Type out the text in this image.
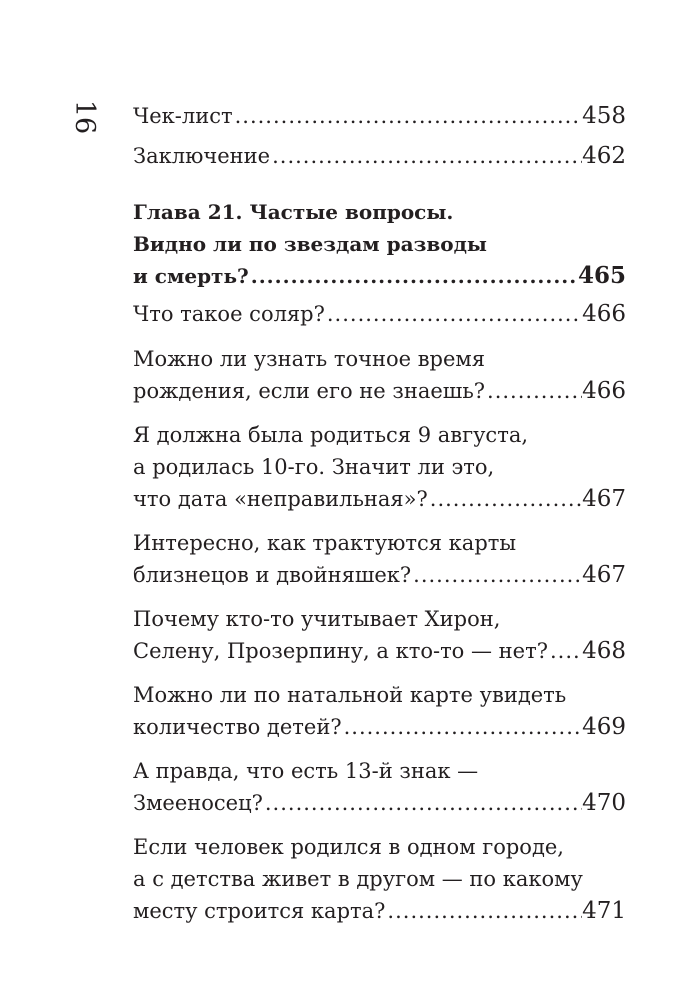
16 Чек-лист .....	458
Заключение .....	462
Глава 21. Частые вопросы.
Видно ли по звездам разводы
и смерть? .....	465
Что такое соляр? .....	466
Можно ли узнать точное время
рождения, если его не знаешь? .....	466
Я должна была родиться 9 августа,
а родилась 10-го. Значит ли это,
что дата «неправильная»? .....	467
Интересно, как трактуются карты
близнецов и двойняшек? .....	467
Почему кто-то учитывает Хирон,
Селену, Прозерпину, а кто-то — нет? ..... 468
Можно ли по натальной карте увидеть
количество детей? .....	469
А правда, что есть 13-й знак —
Змееносец? .....	470
Если человек родился в одном городе,
а с детства живет в другом — по какому
месту строится карта? .....	471
